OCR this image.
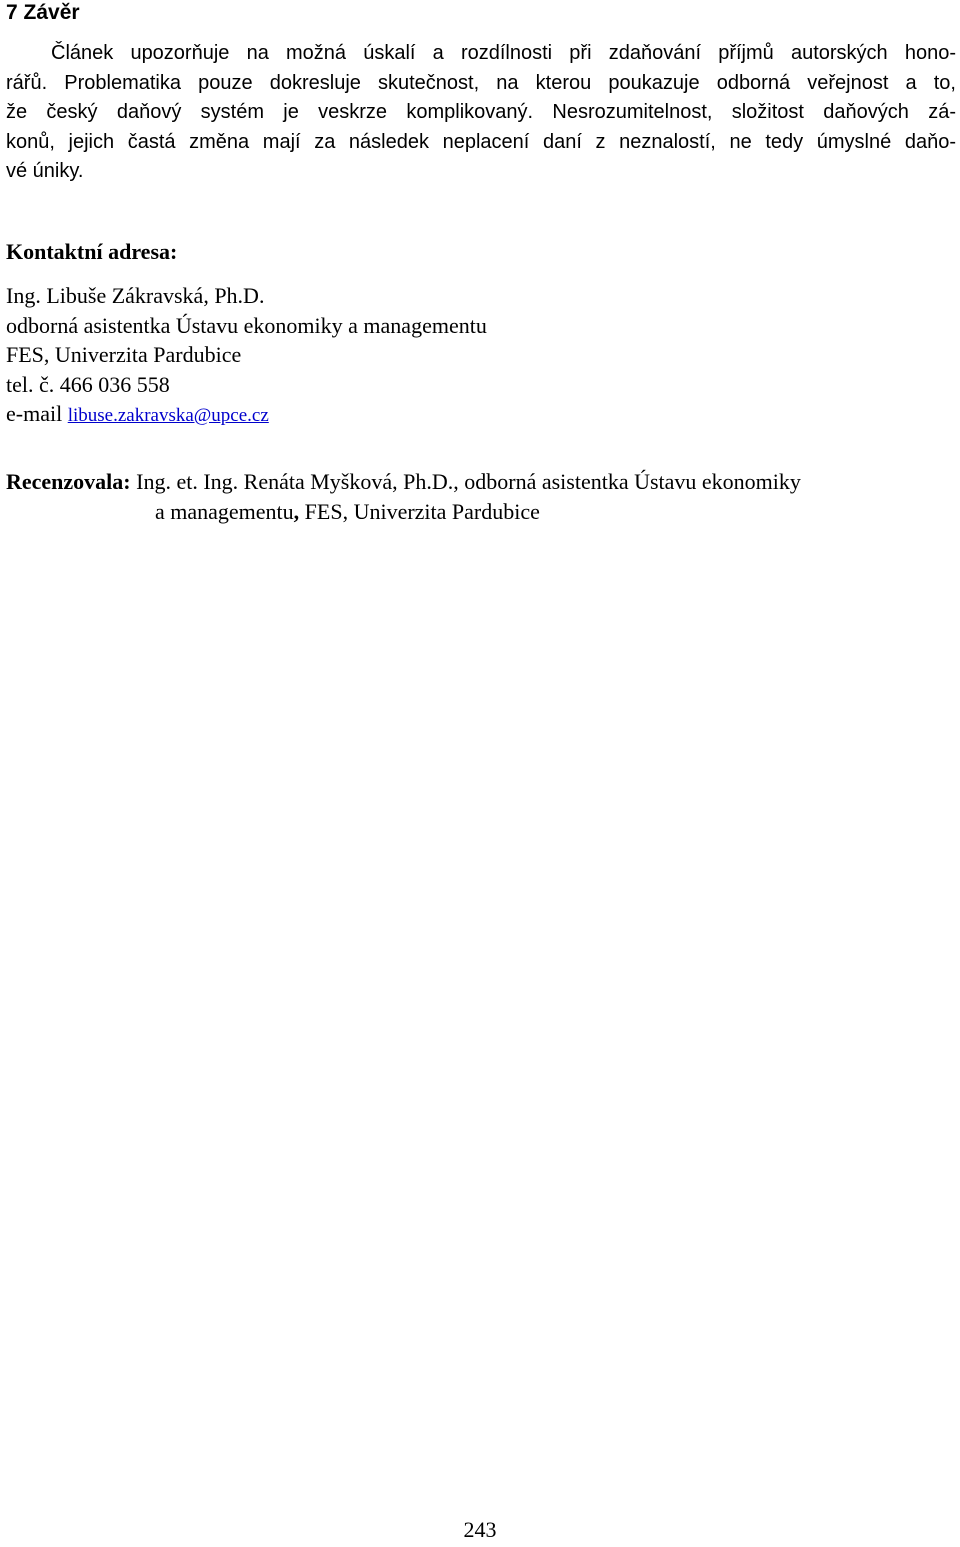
7 Závěr

Článek upozorňuje na možná úskalí a rozdílnosti při zdaňování příjmů autorských hono-
rářů. Problematika pouze dokresluje skutečnost, na kterou poukazuje odborná veřejnost a to,
že český daňový systém je veskrze komplikovaný. Nesrozumitelnost, složitost daňových zá-
konů, jejich častá změna mají za následek neplacení daní z neznalostí, ne tedy úmyslné daňo-
vé úniky.

Kontaktní adresa:
Ing. Libuše Zákravská, Ph.D.
odborná asistentka Ústavu ekonomiky a managementu
FES, Univerzita Pardubice
tel. č. 466 036 558
e-mail libuse.zakravska@upce.cz
Recenzovala: Ing. et. Ing. Renáta Myšková, Ph.D., odborná asistentka Ústavu ekonomiky
a managementu, FES, Univerzita Pardubice
243
